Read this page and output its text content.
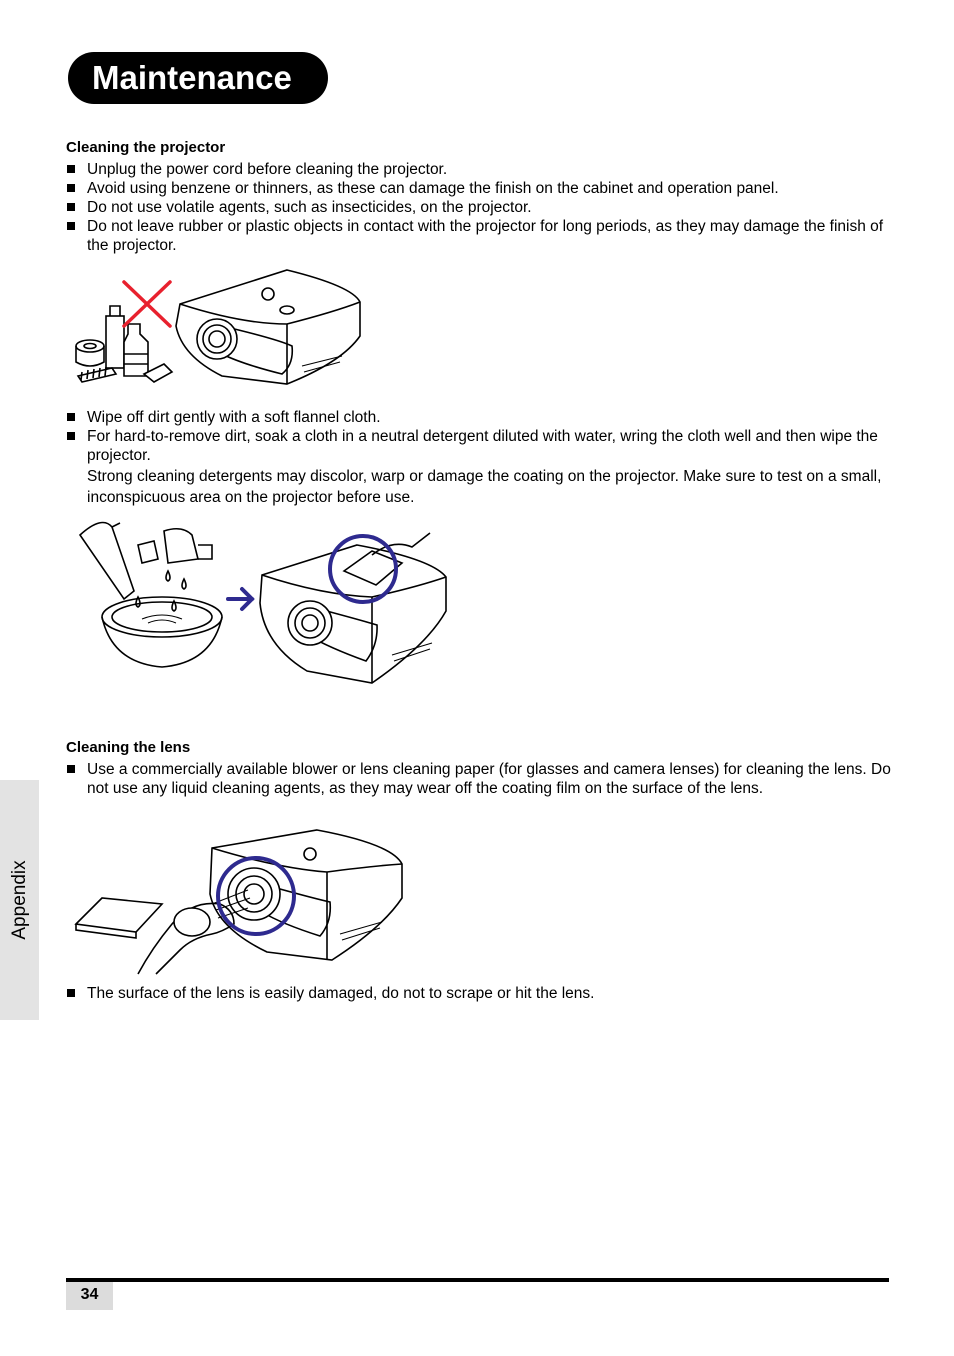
Maintenance
Appendix
Cleaning the projector
Unplug the power cord before cleaning the projector.
Avoid using benzene or thinners, as these can damage the finish on the cabinet and operation panel.
Do not use volatile agents, such as insecticides, on the projector.
Do not leave rubber or plastic objects in contact with the projector for long periods, as they may damage the finish of the projector.
Wipe off dirt gently with a soft flannel cloth.
For hard-to-remove dirt, soak a cloth in a neutral detergent diluted with water, wring the cloth well and then wipe the projector.
Strong cleaning detergents may discolor, warp or damage the coating on the projector. Make sure to test on a small, inconspicuous area on the projector before use.
Cleaning the lens
Use a commercially available blower or lens cleaning paper (for glasses and camera lenses) for cleaning the lens. Do not use any liquid cleaning agents, as they may wear off the coating film on the surface of the lens.
The surface of the lens is easily damaged, do not to scrape or hit the lens.
34
